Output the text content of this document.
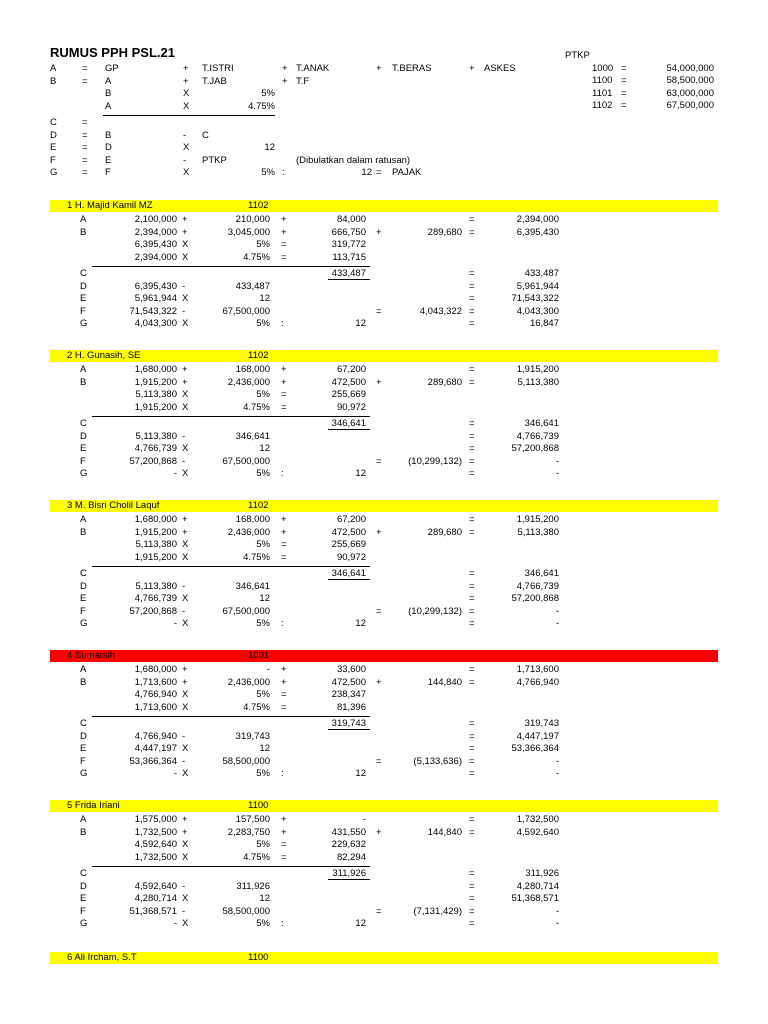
RUMUS PPH PSL.21	PTKP
1000 =	54,000,000
1100 =	58,500,000
1101 =	63,000,000
1102 =	67,500,000
A	= GP	+ T.ISTRI	+ T.ANAK	+ T.BERAS	+ ASKES
B	= A	+ T.JAB	+ T.F
B	X	5%
A	X	4.75%
C	=
D	= B	- C
E	= D	X	12
F	= E	- PTKP	(Dibulatkan dalam ratusan)
G	= F	X	5% :	12 = PAJAK
1 H. Majid Kamil MZ	1102
A	2,100,000 +	210,000 +	84,000	=	2,394,000
B	2,394,000 +	3,045,000 +	666,750 +	289,680 =	6,395,430
6,395,430 X	5% =	319,772
2,394,000 X	4.75% =	113,715
C	433,487	=	433,487
D	6,395,430 -	433,487	=	5,961,944
E	5,961,944 X	12	=	71,543,322
F	71,543,322 -	67,500,000	=	4,043,322 =	4,043,300
G	4,043,300 X	5% :	12	=	16,847
2 H. Gunasih, SE	1102
A	1,680,000 +	168,000 +	67,200	=	1,915,200
B	1,915,200 +	2,436,000 +	472,500 +	289,680 =	5,113,380
5,113,380 X	5% =	255,669
1,915,200 X	4.75% =	90,972
C	346,641	=	346,641
D	5,113,380 -	346,641	=	4,766,739
E	4,766,739 X	12	=	57,200,868
F	57,200,868 -	67,500,000	=	(10,299,132) =	-
G	- X	5% :	12	=	-
3 M. Bisri Cholil Laquf	1102
A	1,680,000 +	168,000 +	67,200	=	1,915,200
B	1,915,200 +	2,436,000 +	472,500 +	289,680 =	5,113,380
5,113,380 X	5% =	255,669
1,915,200 X	4.75% =	90,972
C	346,641	=	346,641
D	5,113,380 -	346,641	=	4,766,739
E	4,766,739 X	12	=	57,200,868
F	57,200,868 -	67,500,000	=	(10,299,132) =	-
G	- X	5% :	12	=	-
4 Sumarsih	1001
A	1,680,000 +	- +	33,600	=	1,713,600
B	1,713,600 +	2,436,000 +	472,500 +	144,840 =	4,766,940
4,766,940 X	5% =	238,347
1,713,600 X	4.75% =	81,396
C	319,743	=	319,743
D	4,766,940 -	319,743	=	4,447,197
E	4,447,197 X	12	=	53,366,364
F	53,366,364 -	58,500,000	=	(5,133,636) =	-
G	- X	5% :	12	=	-
5 Frida Iriani	1100
A	1,575,000 +	157,500 +	-	=	1,732,500
B	1,732,500 +	2,283,750 +	431,550 +	144,840 =	4,592,640
4,592,640 X	5% =	229,632
1,732,500 X	4.75% =	82,294
C	311,926	=	311,926
D	4,592,640 -	311,926	=	4,280,714
E	4,280,714 X	12	=	51,368,571
F	51,368,571 -	58,500,000	=	(7,131,429) =	-
G	- X	5% :	12	=	-
6 Ali Ircham, S.T	1100
